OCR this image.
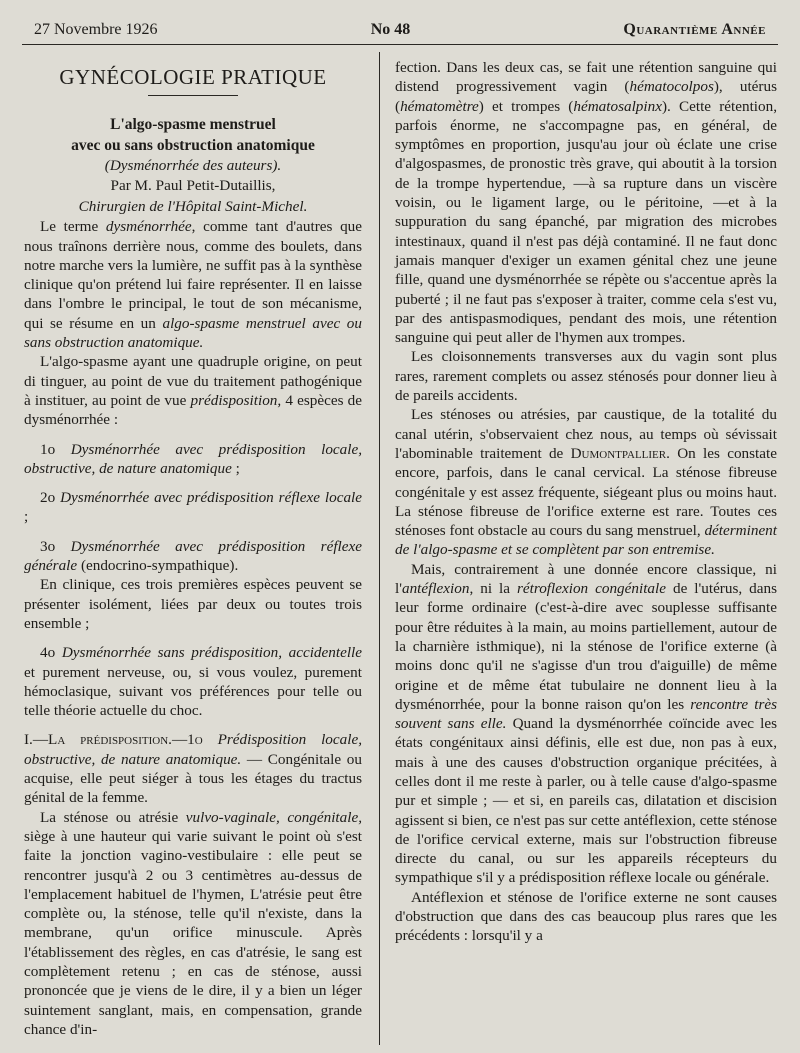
27 Novembre 1926	No 48	Quarantième Année
GYNÉCOLOGIE PRATIQUE

L'algo-spasme menstruel

avec ou sans obstruction anatomique

(Dysménorrhée des auteurs).

Par M. Paul Petit-Dutaillis,

Chirurgien de l'Hôpital Saint-Michel.

Le terme dysménorrhée, comme tant d'autres que nous traînons derrière nous, comme des boulets, dans notre marche vers la lumière, ne suffit pas à la synthèse clinique qu'on prétend lui faire représenter. Il en laisse dans l'ombre le principal, le tout de son mécanisme, qui se résume en un algo-spasme menstruel avec ou sans obstruction anatomique.

L'algo-spasme ayant une quadruple origine, on peut di tinguer, au point de vue du traitement pathogénique à instituer, au point de vue prédisposition, 4 espèces de dysménorrhée :

1o Dysménorrhée avec prédisposition locale, obstructive, de nature anatomique ;

2o Dysménorrhée avec prédisposition réflexe locale ;

3o Dysménorrhée avec prédisposition réflexe générale (endocrino-sympathique).

En clinique, ces trois premières espèces peuvent se présenter isolément, liées par deux ou toutes trois ensemble ;

4o Dysménorrhée sans prédisposition, accidentelle et purement nerveuse, ou, si vous voulez, purement hémoclasique, suivant vos préférences pour telle ou telle théorie actuelle du choc.

I.—La prédisposition.—1o Prédisposition locale, obstructive, de nature anatomique. — Congénitale ou acquise, elle peut siéger à tous les étages du tractus génital de la femme.

La sténose ou atrésie vulvo-vaginale, congénitale, siège à une hauteur qui varie suivant le point où s'est faite la jonction vagino-vestibulaire : elle peut se rencontrer jusqu'à 2 ou 3 centimètres au-dessus de l'emplacement habituel de l'hymen, L'atrésie peut être complète ou, la sténose, telle qu'il n'existe, dans la membrane, qu'un orifice minuscule. Après l'établissement des règles, en cas d'atrésie, le sang est complètement retenu ; en cas de sténose, aussi prononcée que je viens de le dire, il y a bien un léger suintement sanglant, mais, en compensation, grande chance d'in-

fection. Dans les deux cas, se fait une rétention sanguine qui distend progressivement vagin (hématocolpos), utérus (hématomètre) et trompes (hématosalpinx). Cette rétention, parfois énorme, ne s'accompagne pas, en général, de symptômes en proportion, jusqu'au jour où éclate une crise d'algospasmes, de pronostic très grave, qui aboutit à la torsion de la trompe hypertendue, —à sa rupture dans un viscère voisin, ou le ligament large, ou le péritoine, —et à la suppuration du sang épanché, par migration des microbes intestinaux, quand il n'est pas déjà contaminé. Il ne faut donc jamais manquer d'exiger un examen génital chez une jeune fille, quand une dysménorrhée se répète ou s'accentue après la puberté ; il ne faut pas s'exposer à traiter, comme cela s'est vu, par des antispasmodiques, pendant des mois, une rétention sanguine qui peut aller de l'hymen aux trompes.

Les cloisonnements transverses aux du vagin sont plus rares, rarement complets ou assez sténosés pour donner lieu à de pareils accidents.

Les sténoses ou atrésies, par caustique, de la totalité du canal utérin, s'observaient chez nous, au temps où sévissait l'abominable traitement de Dumontpallier. On les constate encore, parfois, dans le canal cervical. La sténose fibreuse congénitale y est assez fréquente, siégeant plus ou moins haut. La sténose fibreuse de l'orifice externe est rare. Toutes ces sténoses font obstacle au cours du sang menstruel, déterminent de l'algo-spasme et se complètent par son entremise.

Mais, contrairement à une donnée encore classique, ni l'antéflexion, ni la rétroflexion congénitale de l'utérus, dans leur forme ordinaire (c'est-à-dire avec souplesse suffisante pour être réduites à la main, au moins partiellement, autour de la charnière isthmique), ni la sténose de l'orifice externe (à moins donc qu'il ne s'agisse d'un trou d'aiguille) de même origine et de même état tubulaire ne donnent lieu à la dysménorrhée, pour la bonne raison qu'on les rencontre très souvent sans elle. Quand la dysménorrhée coïncide avec les états congénitaux ainsi définis, elle est due, non pas à eux, mais à une des causes d'obstruction organique précitées, à celles dont il me reste à parler, ou à telle cause d'algo-spasme pur et simple ; — et si, en pareils cas, dilatation et discision agissent si bien, ce n'est pas sur cette antéflexion, cette sténose de l'orifice cervical externe, mais sur l'obstruction fibreuse directe du canal, ou sur les appareils récepteurs du sympathique s'il y a prédisposition réflexe locale ou générale.

Antéflexion et sténose de l'orifice externe ne sont causes d'obstruction que dans des cas beaucoup plus rares que les précédents : lorsqu'il y a
